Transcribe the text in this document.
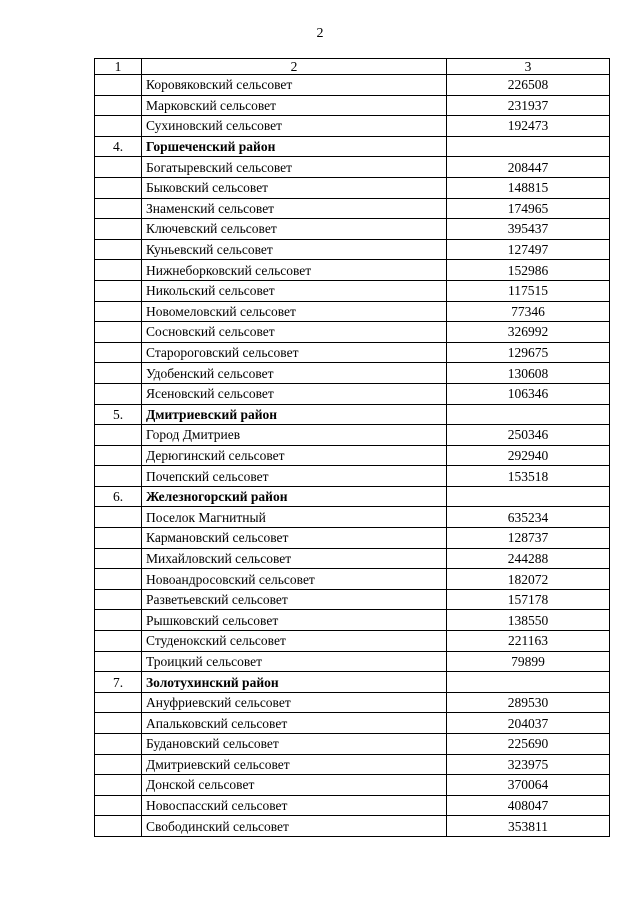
2
1	2	3
	Коровяковский сельсовет	226508
	Марковский сельсовет	231937
	Сухиновский сельсовет	192473
4.	Горшеченский район	
	Богатыревский сельсовет	208447
	Быковский сельсовет	148815
	Знаменский сельсовет	174965
	Ключевский сельсовет	395437
	Куньевский сельсовет	127497
	Нижнеборковский сельсовет	152986
	Никольский сельсовет	117515
	Новомеловский сельсовет	77346
	Сосновский сельсовет	326992
	Старороговский сельсовет	129675
	Удобенский сельсовет	130608
	Ясеновский сельсовет	106346
5.	Дмитриевский район	
	Город Дмитриев	250346
	Дерюгинский сельсовет	292940
	Почепский сельсовет	153518
6.	Железногорский район	
	Поселок Магнитный	635234
	Кармановский сельсовет	128737
	Михайловский сельсовет	244288
	Новоандросовский сельсовет	182072
	Разветьевский сельсовет	157178
	Рышковский сельсовет	138550
	Студенокский сельсовет	221163
	Троицкий сельсовет	79899
7.	Золотухинский район	
	Ануфриевский сельсовет	289530
	Апальковский сельсовет	204037
	Будановский сельсовет	225690
	Дмитриевский сельсовет	323975
	Донской сельсовет	370064
	Новоспасский сельсовет	408047
	Свободинский сельсовет	353811
